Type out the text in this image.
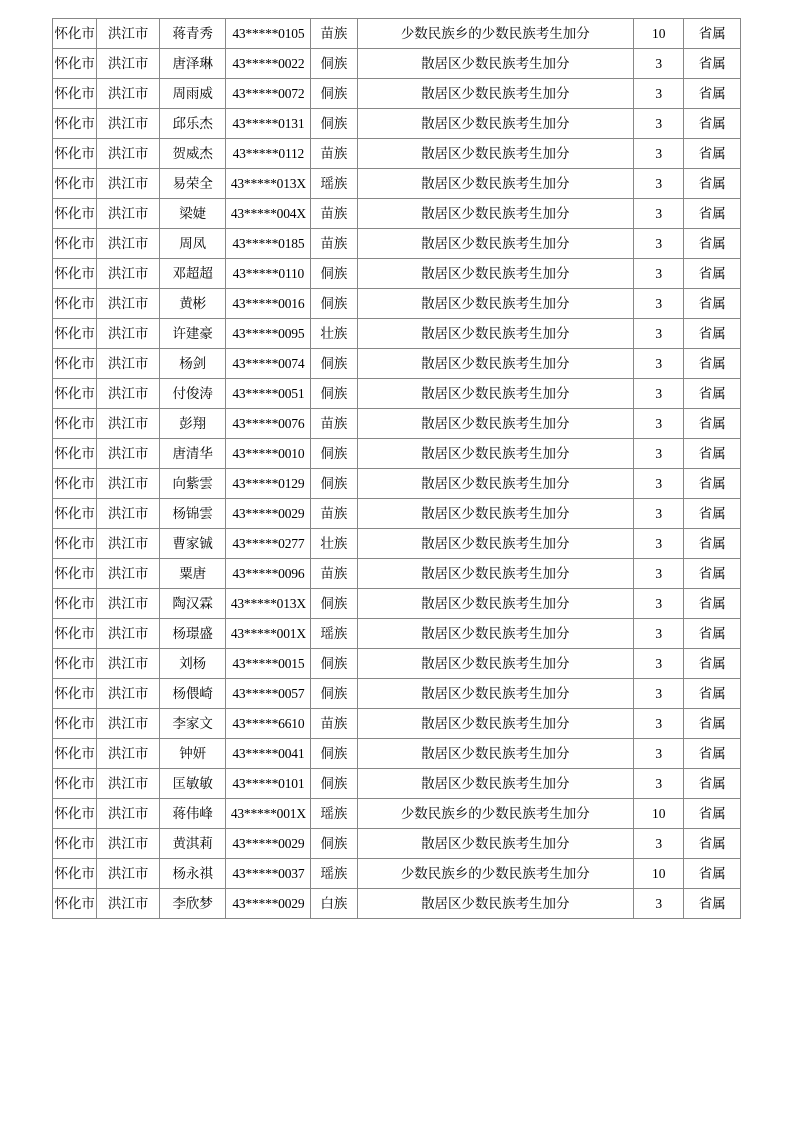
怀化市	洪江市	蒋青秀	43*****0105	苗族	少数民族乡的少数民族考生加分	10	省属
怀化市	洪江市	唐泽琳	43*****0022	侗族	散居区少数民族考生加分	3	省属
怀化市	洪江市	周雨威	43*****0072	侗族	散居区少数民族考生加分	3	省属
怀化市	洪江市	邱乐杰	43*****0131	侗族	散居区少数民族考生加分	3	省属
怀化市	洪江市	贺威杰	43*****0112	苗族	散居区少数民族考生加分	3	省属
怀化市	洪江市	易荣全	43*****013X	瑶族	散居区少数民族考生加分	3	省属
怀化市	洪江市	梁婕	43*****004X	苗族	散居区少数民族考生加分	3	省属
怀化市	洪江市	周凤	43*****0185	苗族	散居区少数民族考生加分	3	省属
怀化市	洪江市	邓超超	43*****0110	侗族	散居区少数民族考生加分	3	省属
怀化市	洪江市	黄彬	43*****0016	侗族	散居区少数民族考生加分	3	省属
怀化市	洪江市	许建豪	43*****0095	壮族	散居区少数民族考生加分	3	省属
怀化市	洪江市	杨剑	43*****0074	侗族	散居区少数民族考生加分	3	省属
怀化市	洪江市	付俊涛	43*****0051	侗族	散居区少数民族考生加分	3	省属
怀化市	洪江市	彭翔	43*****0076	苗族	散居区少数民族考生加分	3	省属
怀化市	洪江市	唐清华	43*****0010	侗族	散居区少数民族考生加分	3	省属
怀化市	洪江市	向紫雲	43*****0129	侗族	散居区少数民族考生加分	3	省属
怀化市	洪江市	杨锦雲	43*****0029	苗族	散居区少数民族考生加分	3	省属
怀化市	洪江市	曹家铖	43*****0277	壮族	散居区少数民族考生加分	3	省属
怀化市	洪江市	粟唐	43*****0096	苗族	散居区少数民族考生加分	3	省属
怀化市	洪江市	陶汉霖	43*****013X	侗族	散居区少数民族考生加分	3	省属
怀化市	洪江市	杨璟盛	43*****001X	瑶族	散居区少数民族考生加分	3	省属
怀化市	洪江市	刘杨	43*****0015	侗族	散居区少数民族考生加分	3	省属
怀化市	洪江市	杨偎崎	43*****0057	侗族	散居区少数民族考生加分	3	省属
怀化市	洪江市	李家文	43*****6610	苗族	散居区少数民族考生加分	3	省属
怀化市	洪江市	钟妍	43*****0041	侗族	散居区少数民族考生加分	3	省属
怀化市	洪江市	匡敏敏	43*****0101	侗族	散居区少数民族考生加分	3	省属
怀化市	洪江市	蒋伟峰	43*****001X	瑶族	少数民族乡的少数民族考生加分	10	省属
怀化市	洪江市	黄淇莉	43*****0029	侗族	散居区少数民族考生加分	3	省属
怀化市	洪江市	杨永祺	43*****0037	瑶族	少数民族乡的少数民族考生加分	10	省属
怀化市	洪江市	李欣梦	43*****0029	白族	散居区少数民族考生加分	3	省属
